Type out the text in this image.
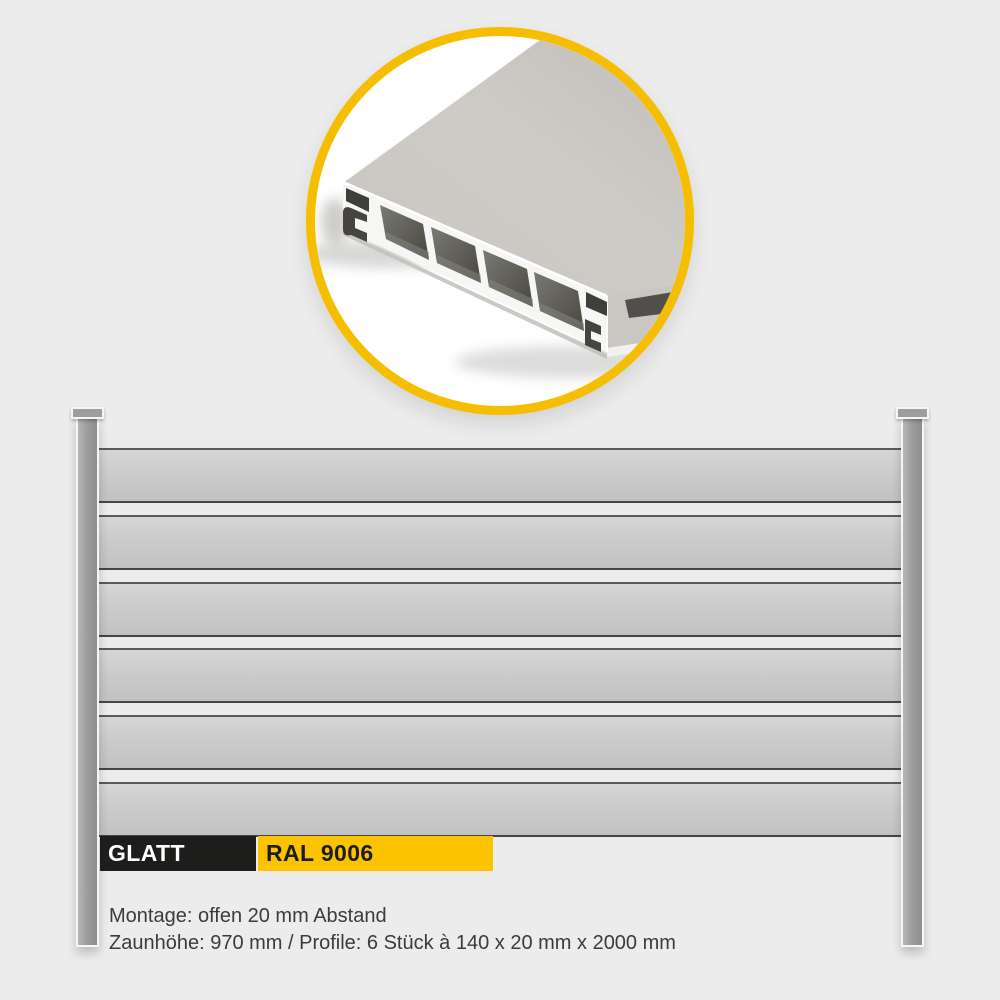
GLATT	RAL 9006
Montage: offen 20 mm Abstand
Zaunhöhe: 970 mm / Profile: 6 Stück à 140 x 20 mm x 2000 mm
